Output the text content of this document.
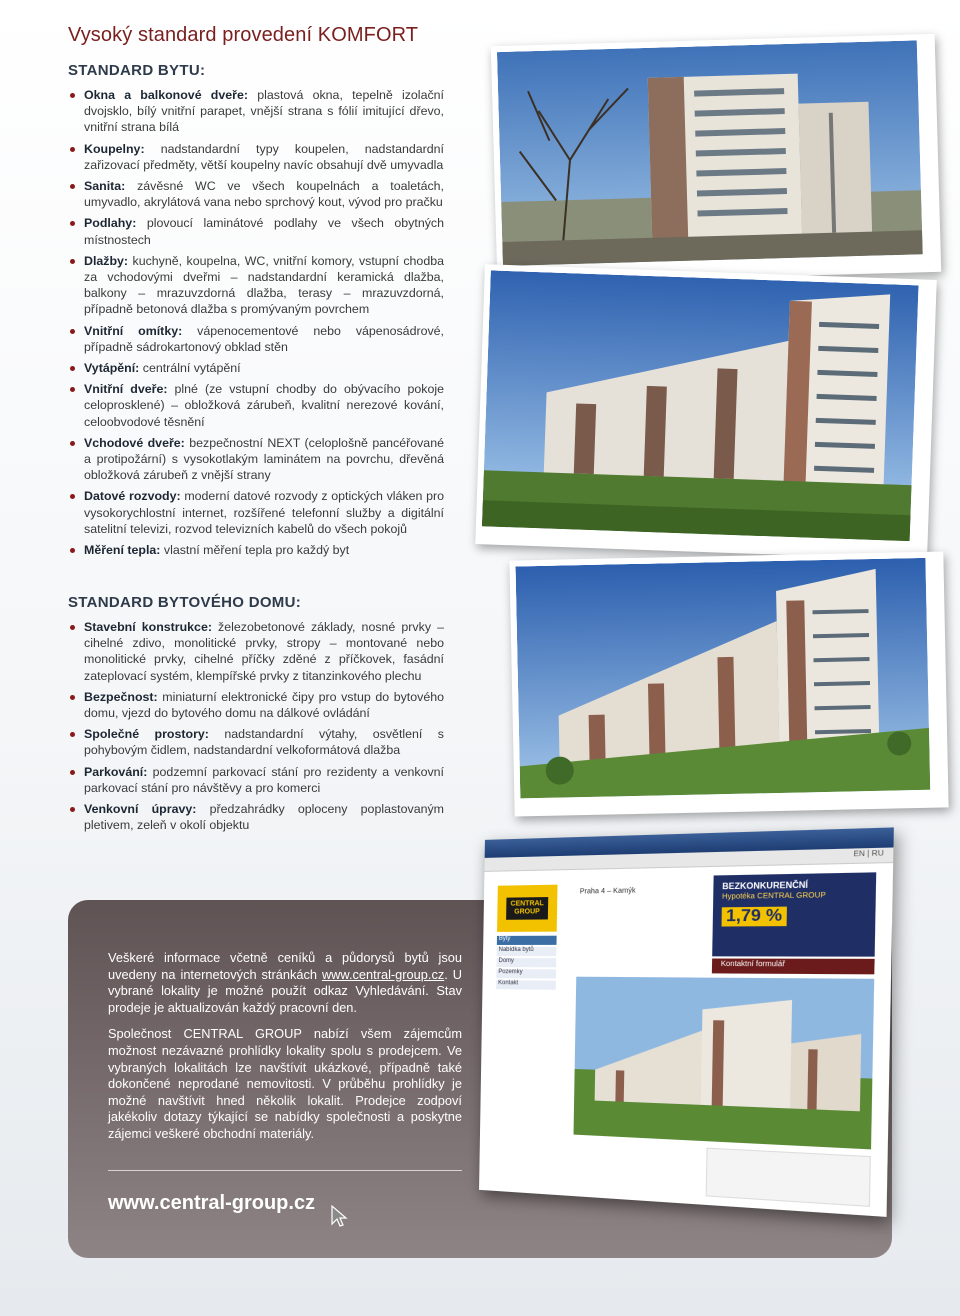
Vysoký standard provedení KOMFORT
STANDARD BYTU:
Okna a balkonové dveře: plastová okna, tepelně izolační dvojsklo, bílý vnitřní parapet, vnější strana s fólií imitující dřevo, vnitřní strana bílá
Koupelny: nadstandardní typy koupelen, nadstandardní zařizovací předměty, větší koupelny navíc obsahují dvě umyvadla
Sanita: závěsné WC ve všech koupelnách a toaletách, umyvadlo, akrylátová vana nebo sprchový kout, vývod pro pračku
Podlahy: plovoucí laminátové podlahy ve všech obytných místnostech
Dlažby: kuchyně, koupelna, WC, vnitřní komory, vstupní chodba za vchodovými dveřmi – nadstandardní keramická dlažba, balkony – mrazuvzdorná dlažba, terasy – mrazuvzdorná, případně betonová dlažba s promývaným povrchem
Vnitřní omítky: vápenocementové nebo vápenosádrové, případně sádrokartonový obklad stěn
Vytápění: centrální vytápění
Vnitřní dveře: plné (ze vstupní chodby do obývacího pokoje celoprosklené) – obložková zárubeň, kvalitní nerezové kování, celoobvodové těsnění
Vchodové dveře: bezpečnostní NEXT (celoplošně pancéřované a protipožární) s vysokotlakým laminátem na povrchu, dřevěná obložková zárubeň z vnější strany
Datové rozvody: moderní datové rozvody z optických vláken pro vysokorychlostní internet, rozšířené telefonní služby a digitální satelitní televizi, rozvod televizních kabelů do všech pokojů
Měření tepla: vlastní měření tepla pro každý byt
STANDARD BYTOVÉHO DOMU:
Stavební konstrukce: železobetonové základy, nosné prvky – cihelné zdivo, monolitické prvky, stropy – montované nebo monolitické prvky, cihelné příčky zděné z příčkovek, fasádní zateplovací systém, klempířské prvky z titanzinkového plechu
Bezpečnost: miniaturní elektronické čipy pro vstup do bytového domu, vjezd do bytového domu na dálkové ovládání
Společné prostory: nadstandardní výtahy, osvětlení s pohybovým čidlem, nadstandardní velkoformátová dlažba
Parkování: podzemní parkovací stání pro rezidenty a venkovní parkovací stání pro návštěvy a pro komerci
Venkovní úpravy: předzahrádky oploceny poplastovaným pletivem, zeleň v okolí objektu

Veškeré informace včetně ceníků a půdorysů bytů jsou uvedeny na internetových stránkách www.central-group.cz. U vybrané lokality je možné použít odkaz Vyhledávání. Stav prodeje je aktualizován každý pracovní den.

Společnost CENTRAL GROUP nabízí všem zájemcům možnost nezávazné prohlídky lokality spolu s prodejcem. Ve vybraných lokalitách lze navštívit ukázkové, případně také dokončené neprodané nemovitosti. V průběhu prohlídky je možné navštívit hned několik lokalit. Prodejce zodpoví jakékoliv dotazy týkající se nabídky společnosti a poskytne zájemci veškeré obchodní materiály.

www.central-group.cz
EN | RU
CENTRAL
GROUP
Praha 4 – Kamýk
Byty
Nabídka bytů
Domy
Pozemky
Kontakt
BEZKONKURENČNÍ
Hypotéka CENTRAL GROUP
1,79 %
Kontaktní formulář
